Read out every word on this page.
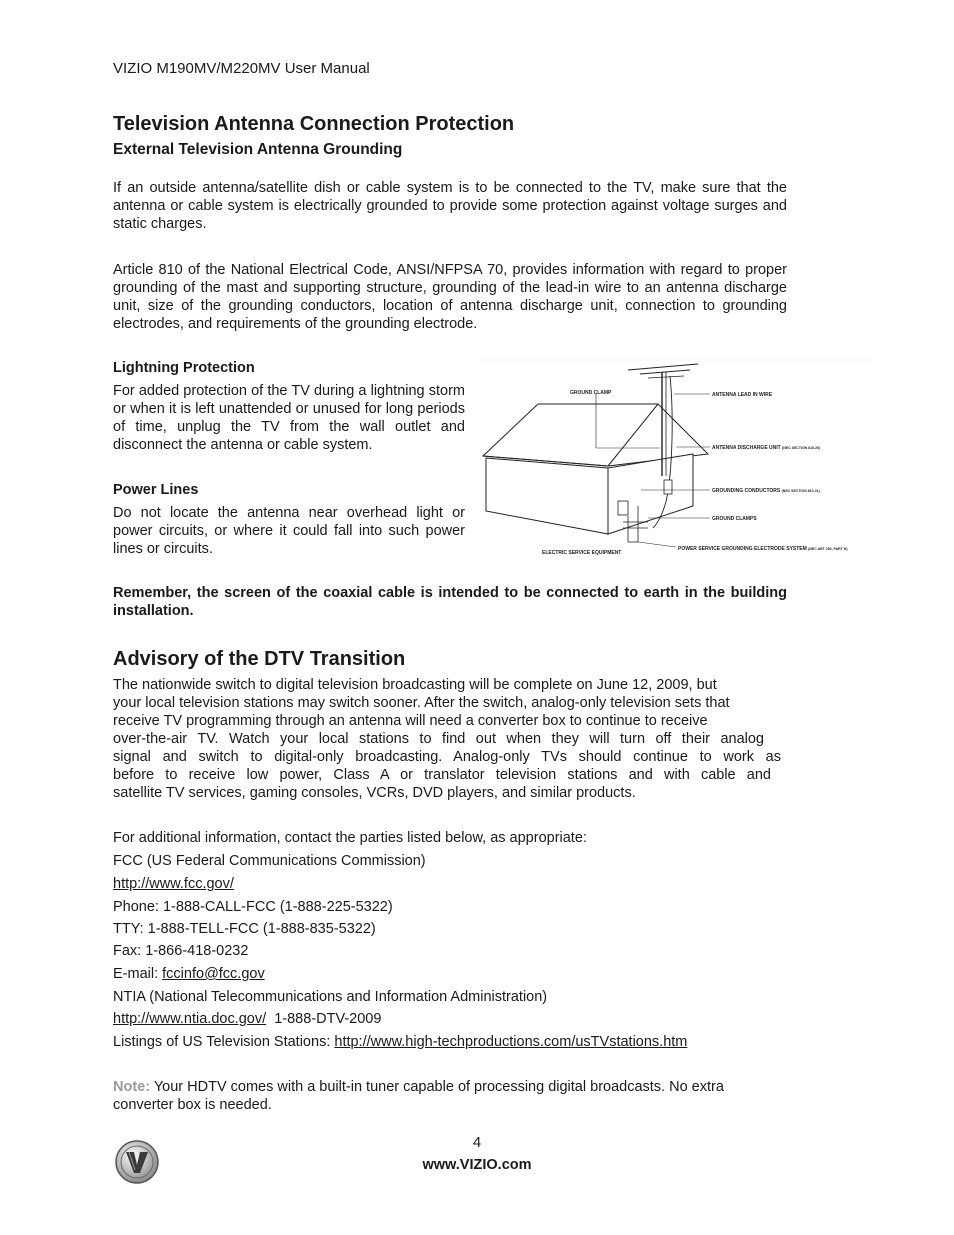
VIZIO M190MV/M220MV User Manual
Television Antenna Connection Protection
External Television Antenna Grounding

If an outside antenna/satellite dish or cable system is to be connected to the TV, make sure that the antenna or cable system is electrically grounded to provide some protection against voltage surges and static charges.

Article 810 of the National Electrical Code, ANSI/NFPSA 70, provides information with regard to proper grounding of the mast and supporting structure, grounding of the lead-in wire to an antenna discharge unit, size of the grounding conductors, location of antenna discharge unit, connection to grounding electrodes, and requirements of the grounding electrode.

Lightning Protection

For added protection of the TV during a lightning storm or when it is left unattended or unused for long periods of time, unplug the TV from the wall outlet and disconnect the antenna or cable system.

Power Lines

Do not locate the antenna near overhead light or power circuits, or where it could fall into such power lines or circuits.

GROUND CLAMP	ANTENNA LEAD IN WIRE
ANTENNA DISCHARGE UNIT (NEC SECTION 810-20)
GROUNDING CONDUCTORS (NEC SECTION 810-21)
GROUND CLAMPS
ELECTRIC SERVICE EQUIPMENT
POWER SERVICE GROUNDING ELECTRODE SYSTEM (NEC ART 250, PART H)

Remember, the screen of the coaxial cable is intended to be connected to earth in the building installation.

Advisory of the DTV Transition
The nationwide switch to digital television broadcasting will be complete on June 12, 2009, but
your local television stations may switch sooner. After the switch, analog-only television sets that
receive TV programming through an antenna will need a converter box to continue to receive
over-the-air TV. Watch your local stations to find out when they will turn off their analog
signal and switch to digital-only broadcasting. Analog-only TVs should continue to work as
before to receive low power, Class A or translator television stations and with cable and
satellite TV services, gaming consoles, VCRs, DVD players, and similar products.
For additional information, contact the parties listed below, as appropriate:
FCC (US Federal Communications Commission)
http://www.fcc.gov/
Phone: 1-888-CALL-FCC (1-888-225-5322)
TTY: 1-888-TELL-FCC (1-888-835-5322)
Fax: 1-866-418-0232
E-mail: fccinfo@fcc.gov
NTIA (National Telecommunications and Information Administration)
http://www.ntia.doc.gov/ 1-888-DTV-2009
Listings of US Television Stations: http://www.high-techproductions.com/usTVstations.htm
Note: Your HDTV comes with a built-in tuner capable of processing digital broadcasts. No extra
converter box is needed.
4
www.VIZIO.com
